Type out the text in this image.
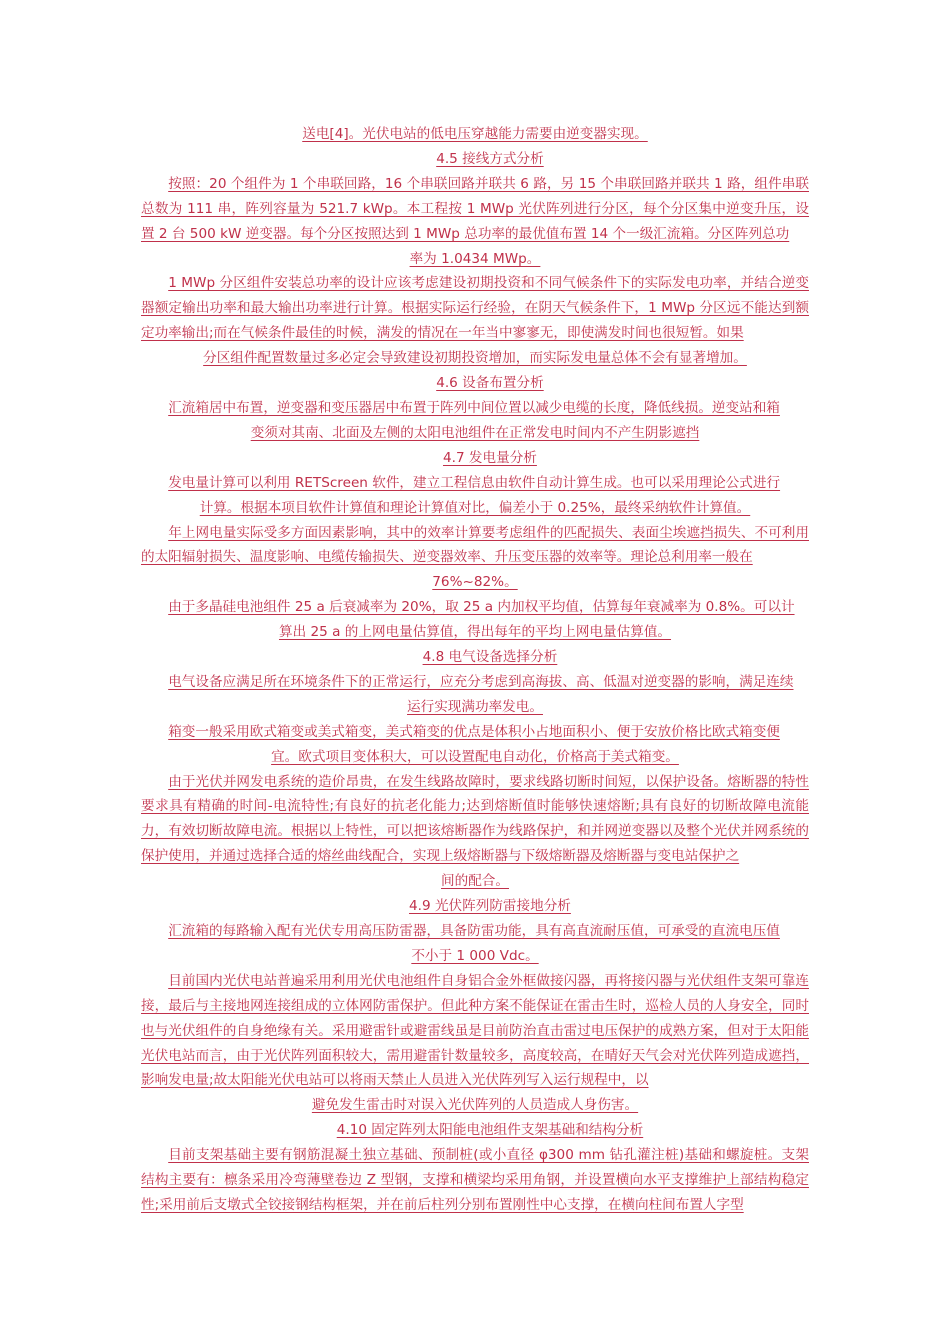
送电[4]。光伏电站的低电压穿越能力需要由逆变器实现。

4.5 接线方式分析

按照：20 个组件为 1 个串联回路，16 个串联回路并联共 6 路，另 15 个串联回路并联共 1 路，组件串联总数为 111 串，阵列容量为 521.7 kWp。本工程按 1 MWp 光伏阵列进行分区，每个分区集中逆变升压，设置 2 台 500 kW 逆变器。每个分区按照达到 1 MWp 总功率的最优值布置 14 个一级汇流箱。分区阵列总功

率为 1.0434 MWp。

1 MWp 分区组件安装总功率的设计应该考虑建设初期投资和不同气候条件下的实际发电功率，并结合逆变器额定输出功率和最大输出功率进行计算。根据实际运行经验，在阴天气候条件下，1 MWp 分区远不能达到额定功率输出;而在气候条件最佳的时候，满发的情况在一年当中寥寥无，即使满发时间也很短暂。如果

分区组件配置数量过多必定会导致建设初期投资增加，而实际发电量总体不会有显著增加。

4.6 设备布置分析

汇流箱居中布置，逆变器和变压器居中布置于阵列中间位置以减少电缆的长度，降低线损。逆变站和箱

变须对其南、北面及左侧的太阳电池组件在正常发电时间内不产生阴影遮挡

4.7 发电量分析

发电量计算可以利用 RETScreen 软件，建立工程信息由软件自动计算生成。也可以采用理论公式进行

计算。根据本项目软件计算值和理论计算值对比，偏差小于 0.25%，最终采纳软件计算值。

年上网电量实际受多方面因素影响，其中的效率计算要考虑组件的匹配损失、表面尘埃遮挡损失、不可利用的太阳辐射损失、温度影响、电缆传输损失、逆变器效率、升压变压器的效率等。理论总利用率一般在

76%~82%。

由于多晶硅电池组件 25 a 后衰减率为 20%，取 25 a 内加权平均值，估算每年衰减率为 0.8%。可以计

算出 25 a 的上网电量估算值，得出每年的平均上网电量估算值。

4.8 电气设备选择分析

电气设备应满足所在环境条件下的正常运行，应充分考虑到高海拔、高、低温对逆变器的影响，满足连续

运行实现满功率发电。

箱变一般采用欧式箱变或美式箱变，美式箱变的优点是体积小占地面积小、便于安放价格比欧式箱变便

宜。欧式项目变体积大，可以设置配电自动化，价格高于美式箱变。

由于光伏并网发电系统的造价昂贵，在发生线路故障时，要求线路切断时间短，以保护设备。熔断器的特性要求具有精确的时间-电流特性;有良好的抗老化能力;达到熔断值时能够快速熔断;具有良好的切断故障电流能力，有效切断故障电流。根据以上特性，可以把该熔断器作为线路保护，和并网逆变器以及整个光伏并网系统的保护使用，并通过选择合适的熔丝曲线配合，实现上级熔断器与下级熔断器及熔断器与变电站保护之

间的配合。

4.9 光伏阵列防雷接地分析

汇流箱的每路输入配有光伏专用高压防雷器，具备防雷功能，具有高直流耐压值，可承受的直流电压值

不小于 1 000 Vdc。

目前国内光伏电站普遍采用利用光伏电池组件自身铝合金外框做接闪器，再将接闪器与光伏组件支架可靠连接，最后与主接地网连接组成的立体网防雷保护。但此种方案不能保证在雷击生时，巡检人员的人身安全，同时也与光伏组件的自身绝缘有关。采用避雷针或避雷线虽是目前防治直击雷过电压保护的成熟方案，但对于太阳能光伏电站而言，由于光伏阵列面积较大，需用避雷针数量较多，高度较高，在晴好天气会对光伏阵列造成遮挡，影响发电量;故太阳能光伏电站可以将雨天禁止人员进入光伏阵列写入运行规程中，以

避免发生雷击时对误入光伏阵列的人员造成人身伤害。

4.10 固定阵列太阳能电池组件支架基础和结构分析

目前支架基础主要有钢筋混凝土独立基础、预制桩(或小直径 φ300 mm 钻孔灌注桩)基础和螺旋桩。支架结构主要有：檩条采用冷弯薄壁卷边 Z 型钢，支撑和横梁均采用角钢，并设置横向水平支撑维护上部结构稳定性;采用前后支墩式全铰接钢结构框架，并在前后柱列分别布置刚性中心支撑，在横向柱间布置人字型
